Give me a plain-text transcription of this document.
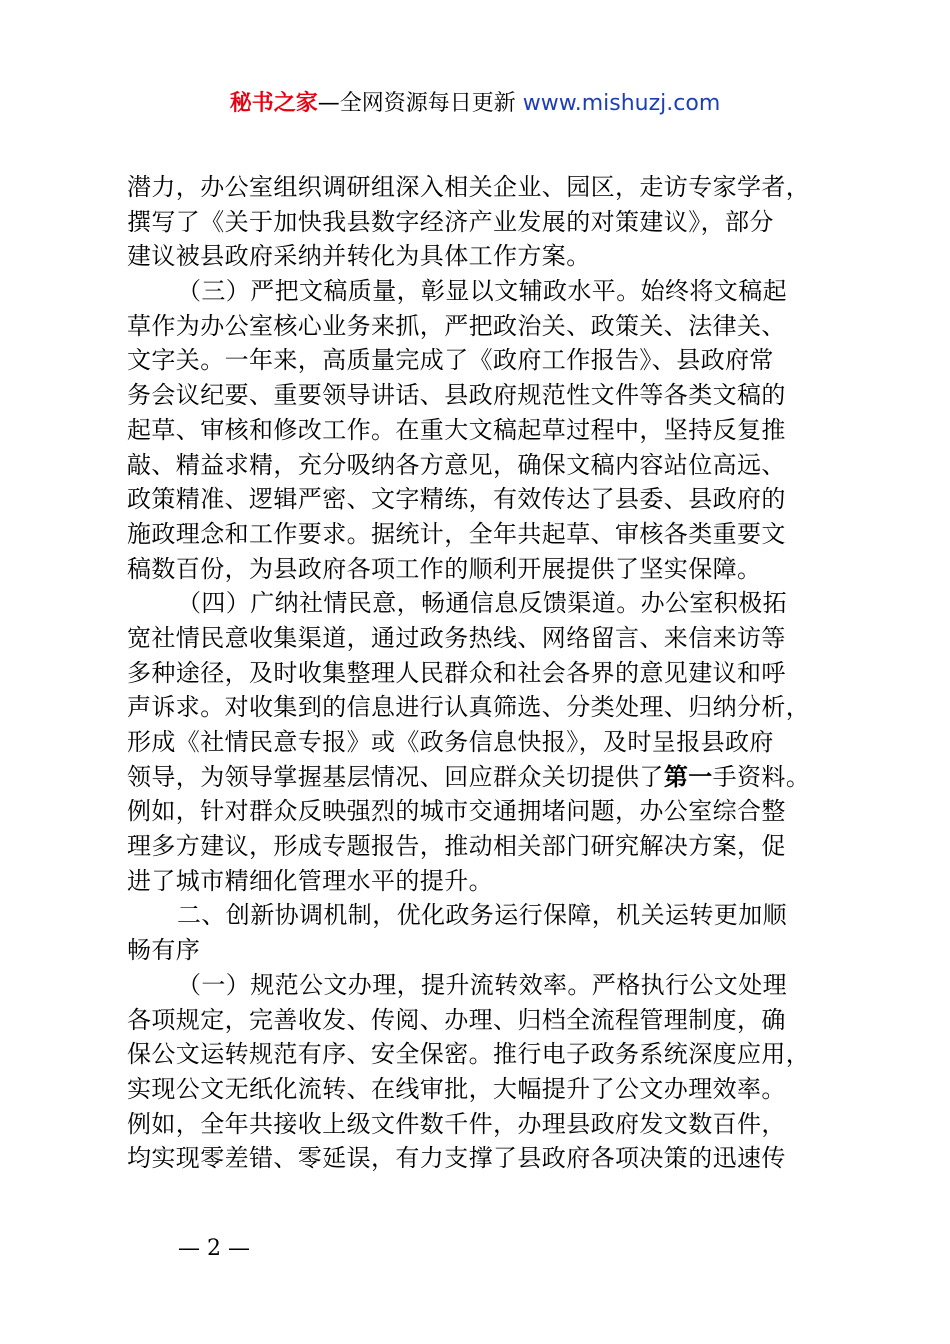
秘书之家—全网资源每日更新 www.mishuzj.com
潜力，办公室组织调研组深入相关企业、园区，走访专家学者，
撰写了《关于加快我县数字经济产业发展的对策建议》，部分
建议被县政府采纳并转化为具体工作方案。
（三）严把文稿质量，彰显以文辅政水平。始终将文稿起
草作为办公室核心业务来抓，严把政治关、政策关、法律关、
文字关。一年来，高质量完成了《政府工作报告》、县政府常
务会议纪要、重要领导讲话、县政府规范性文件等各类文稿的
起草、审核和修改工作。在重大文稿起草过程中，坚持反复推
敲、精益求精，充分吸纳各方意见，确保文稿内容站位高远、
政策精准、逻辑严密、文字精练，有效传达了县委、县政府的
施政理念和工作要求。据统计，全年共起草、审核各类重要文
稿数百份，为县政府各项工作的顺利开展提供了坚实保障。
（四）广纳社情民意，畅通信息反馈渠道。办公室积极拓
宽社情民意收集渠道，通过政务热线、网络留言、来信来访等
多种途径，及时收集整理人民群众和社会各界的意见建议和呼
声诉求。对收集到的信息进行认真筛选、分类处理、归纳分析，
形成《社情民意专报》或《政务信息快报》，及时呈报县政府
领导，为领导掌握基层情况、回应群众关切提供了第一手资料。
例如，针对群众反映强烈的城市交通拥堵问题，办公室综合整
理多方建议，形成专题报告，推动相关部门研究解决方案，促
进了城市精细化管理水平的提升。
二、创新协调机制，优化政务运行保障，机关运转更加顺
畅有序
（一）规范公文办理，提升流转效率。严格执行公文处理
各项规定，完善收发、传阅、办理、归档全流程管理制度，确
保公文运转规范有序、安全保密。推行电子政务系统深度应用，
实现公文无纸化流转、在线审批，大幅提升了公文办理效率。
例如，全年共接收上级文件数千件，办理县政府发文数百件，
均实现零差错、零延误，有力支撑了县政府各项决策的迅速传
— 2 —
